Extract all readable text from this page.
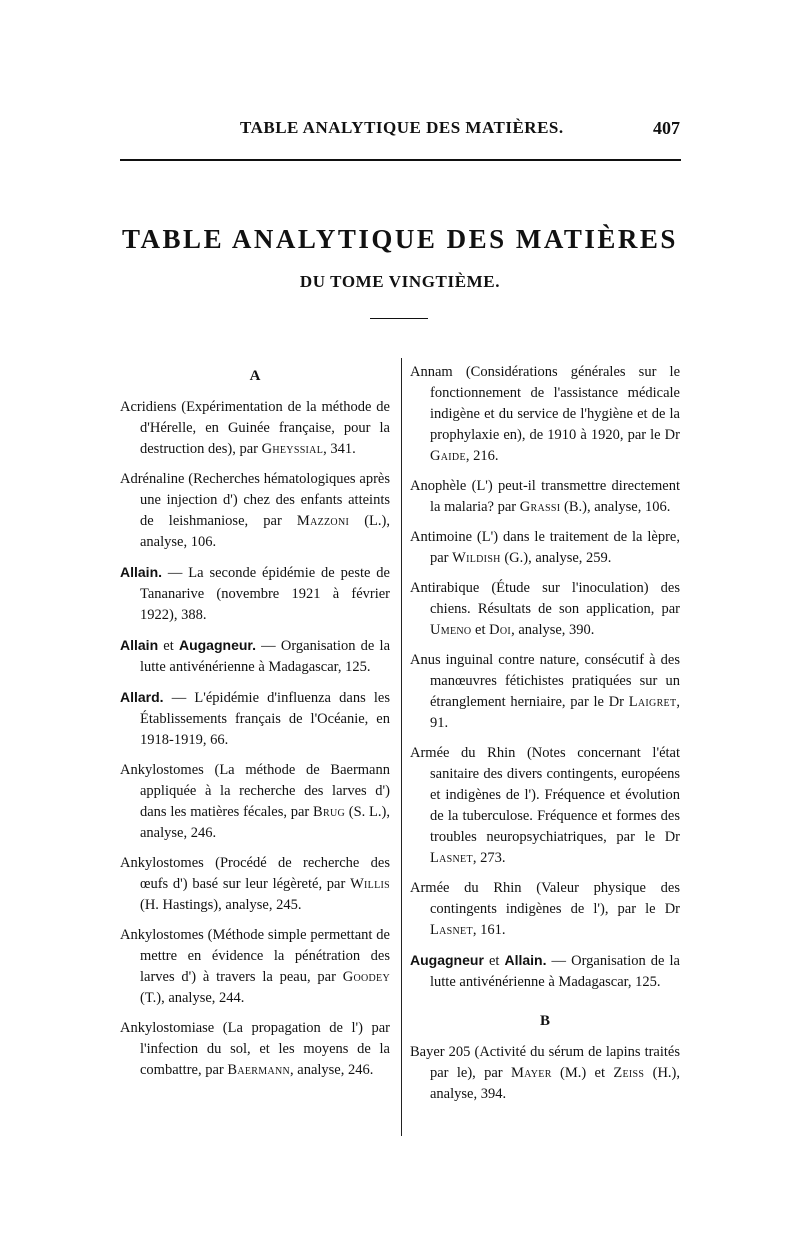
TABLE ANALYTIQUE DES MATIÈRES.	407
TABLE ANALYTIQUE DES MATIÈRES
DU TOME VINGTIÈME.
A

Acridiens (Expérimentation de la méthode de d'Hérelle, en Guinée française, pour la destruction des), par Gheyssial, 341.

Adrénaline (Recherches hématologiques après une injection d') chez des enfants atteints de leishmaniose, par Mazzoni (L.), analyse, 106.

Allain. — La seconde épidémie de peste de Tananarive (novembre 1921 à février 1922), 388.

Allain et Augagneur. — Organisation de la lutte antivénérienne à Madagascar, 125.

Allard. — L'épidémie d'influenza dans les Établissements français de l'Océanie, en 1918-1919, 66.

Ankylostomes (La méthode de Baermann appliquée à la recherche des larves d') dans les matières fécales, par Brug (S. L.), analyse, 246.

Ankylostomes (Procédé de recherche des œufs d') basé sur leur légèreté, par Willis (H. Hastings), analyse, 245.

Ankylostomes (Méthode simple permettant de mettre en évidence la pénétration des larves d') à travers la peau, par Goodey (T.), analyse, 244.

Ankylostomiase (La propagation de l') par l'infection du sol, et les moyens de la combattre, par Baermann, analyse, 246.

Annam (Considérations générales sur le fonctionnement de l'assistance médicale indigène et du service de l'hygiène et de la prophylaxie en), de 1910 à 1920, par le Dr Gaide, 216.

Anophèle (L') peut-il transmettre directement la malaria? par Grassi (B.), analyse, 106.

Antimoine (L') dans le traitement de la lèpre, par Wildish (G.), analyse, 259.

Antirabique (Étude sur l'inoculation) des chiens. Résultats de son application, par Umeno et Doi, analyse, 390.

Anus inguinal contre nature, consécutif à des manœuvres fétichistes pratiquées sur un étranglement herniaire, par le Dr Laigret, 91.

Armée du Rhin (Notes concernant l'état sanitaire des divers contingents, européens et indigènes de l'). Fréquence et évolution de la tuberculose. Fréquence et formes des troubles neuropsychiatriques, par le Dr Lasnet, 273.

Armée du Rhin (Valeur physique des contingents indigènes de l'), par le Dr Lasnet, 161.

Augagneur et Allain. — Organisation de la lutte antivénérienne à Madagascar, 125.

B

Bayer 205 (Activité du sérum de lapins traités par le), par Mayer (M.) et Zeiss (H.), analyse, 394.
